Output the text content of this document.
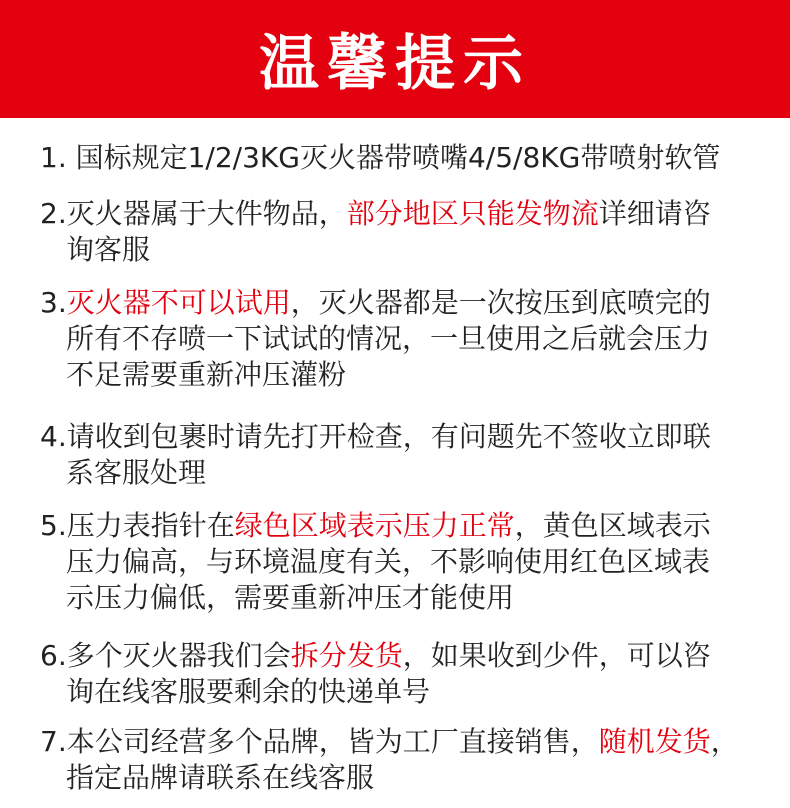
温馨提示
1. 国标规定1/2/3KG灭火器带喷嘴4/5/8KG带喷射软管
2.灭火器属于大件物品，部分地区只能发物流详细请咨
询客服
3.灭火器不可以试用，灭火器都是一次按压到底喷完的
所有不存喷一下试试的情况，一旦使用之后就会压力
不足需要重新冲压灌粉
4.请收到包裹时请先打开检查，有问题先不签收立即联
系客服处理
5.压力表指针在绿色区域表示压力正常，黄色区域表示
压力偏高，与环境温度有关，不影响使用红色区域表
示压力偏低，需要重新冲压才能使用
6.多个灭火器我们会拆分发货，如果收到少件，可以咨
询在线客服要剩余的快递单号
7.本公司经营多个品牌，皆为工厂直接销售，随机发货，
指定品牌请联系在线客服
